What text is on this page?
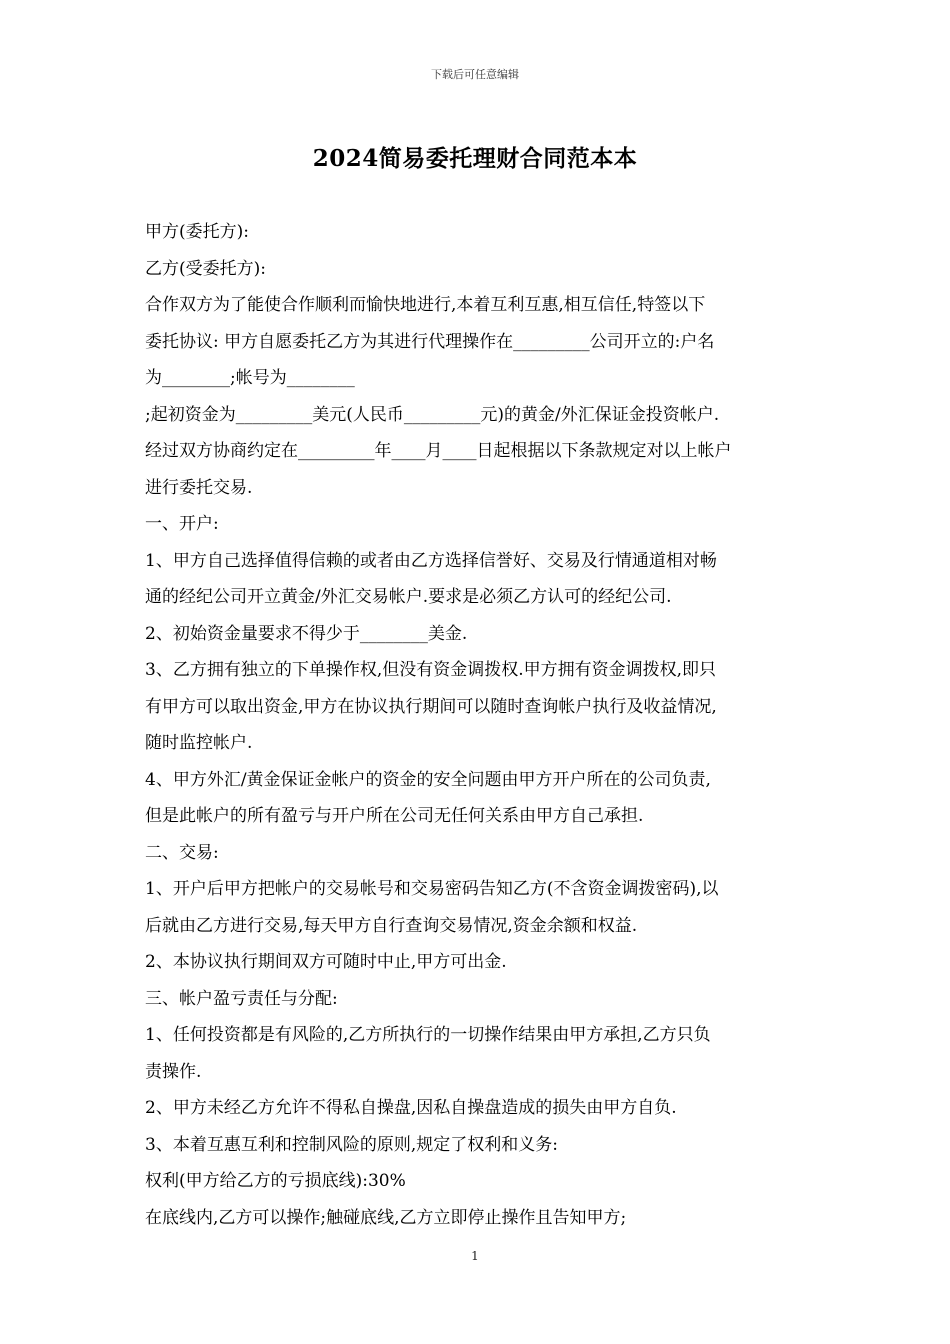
下载后可任意编辑
2024简易委托理财合同范本本
甲方(委托方):
乙方(受委托方):
合作双方为了能使合作顺利而愉快地进行,本着互利互惠,相互信任,特签以下
委托协议: 甲方自愿委托乙方为其进行代理操作在_________公司开立的:户名
为________;帐号为________
;起初资金为_________美元(人民币_________元)的黄金/外汇保证金投资帐户.
经过双方协商约定在_________年____月____日起根据以下条款规定对以上帐户
进行委托交易.
一、开户:
1、甲方自己选择值得信赖的或者由乙方选择信誉好、交易及行情通道相对畅
通的经纪公司开立黄金/外汇交易帐户.要求是必须乙方认可的经纪公司.
2、初始资金量要求不得少于________美金.
3、乙方拥有独立的下单操作权,但没有资金调拨权.甲方拥有资金调拨权,即只
有甲方可以取出资金,甲方在协议执行期间可以随时查询帐户执行及收益情况,
随时监控帐户.
4、甲方外汇/黄金保证金帐户的资金的安全问题由甲方开户所在的公司负责,
但是此帐户的所有盈亏与开户所在公司无任何关系由甲方自己承担.
二、交易:
1、开户后甲方把帐户的交易帐号和交易密码告知乙方(不含资金调拨密码),以
后就由乙方进行交易,每天甲方自行查询交易情况,资金余额和权益.
2、本协议执行期间双方可随时中止,甲方可出金.
三、帐户盈亏责任与分配:
1、任何投资都是有风险的,乙方所执行的一切操作结果由甲方承担,乙方只负
责操作.
2、甲方未经乙方允许不得私自操盘,因私自操盘造成的损失由甲方自负.
3、本着互惠互利和控制风险的原则,规定了权利和义务:
权利(甲方给乙方的亏损底线):30%
在底线内,乙方可以操作;触碰底线,乙方立即停止操作且告知甲方;
1
